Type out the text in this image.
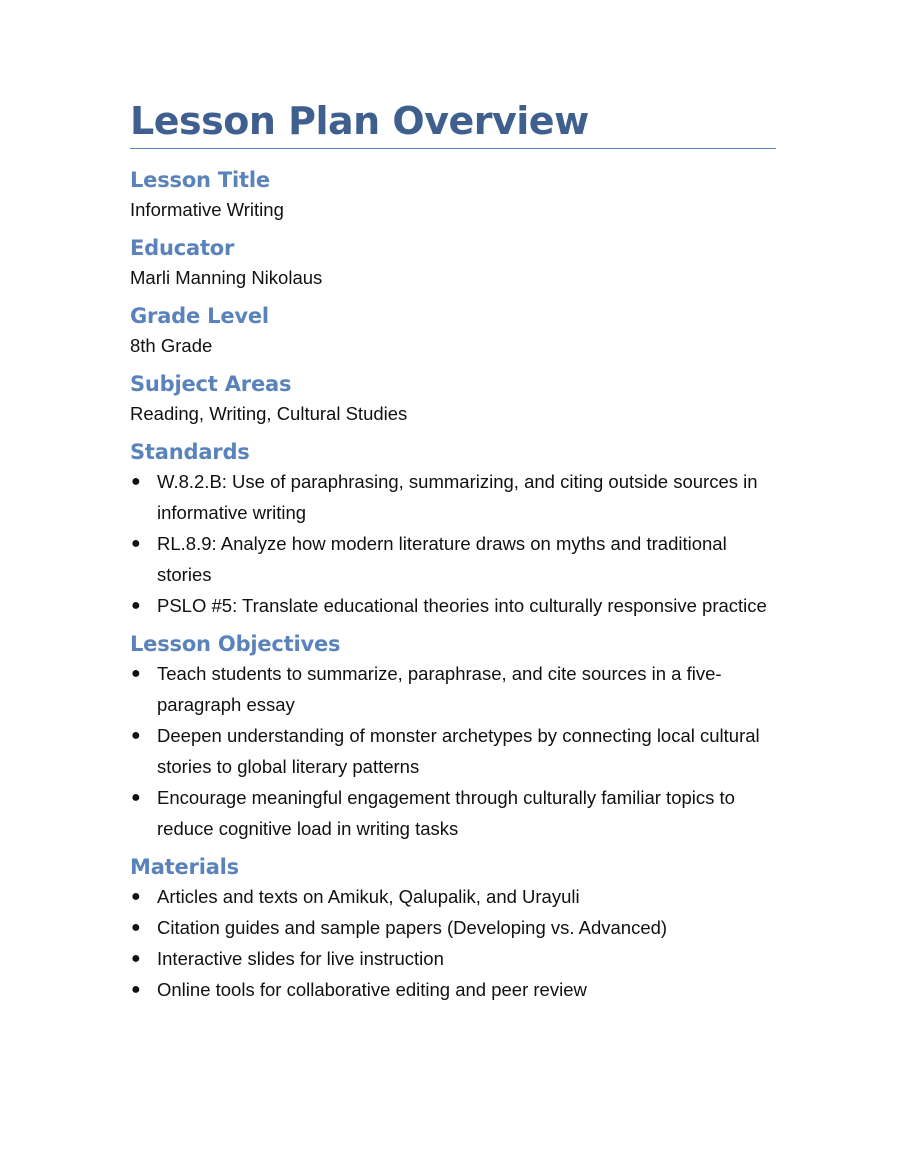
Lesson Plan Overview
Lesson Title

Informative Writing

Educator

Marli Manning Nikolaus

Grade Level

8th Grade

Subject Areas

Reading, Writing, Cultural Studies

Standards
● W.8.2.B: Use of paraphrasing, summarizing, and citing outside sources in informative writing
● RL.8.9: Analyze how modern literature draws on myths and traditional stories
● PSLO #5: Translate educational theories into culturally responsive practice
Lesson Objectives
● Teach students to summarize, paraphrase, and cite sources in a five-paragraph essay
● Deepen understanding of monster archetypes by connecting local cultural stories to global literary patterns
● Encourage meaningful engagement through culturally familiar topics to reduce cognitive load in writing tasks
Materials
● Articles and texts on Amikuk, Qalupalik, and Urayuli
● Citation guides and sample papers (Developing vs. Advanced)
● Interactive slides for live instruction
● Online tools for collaborative editing and peer review
